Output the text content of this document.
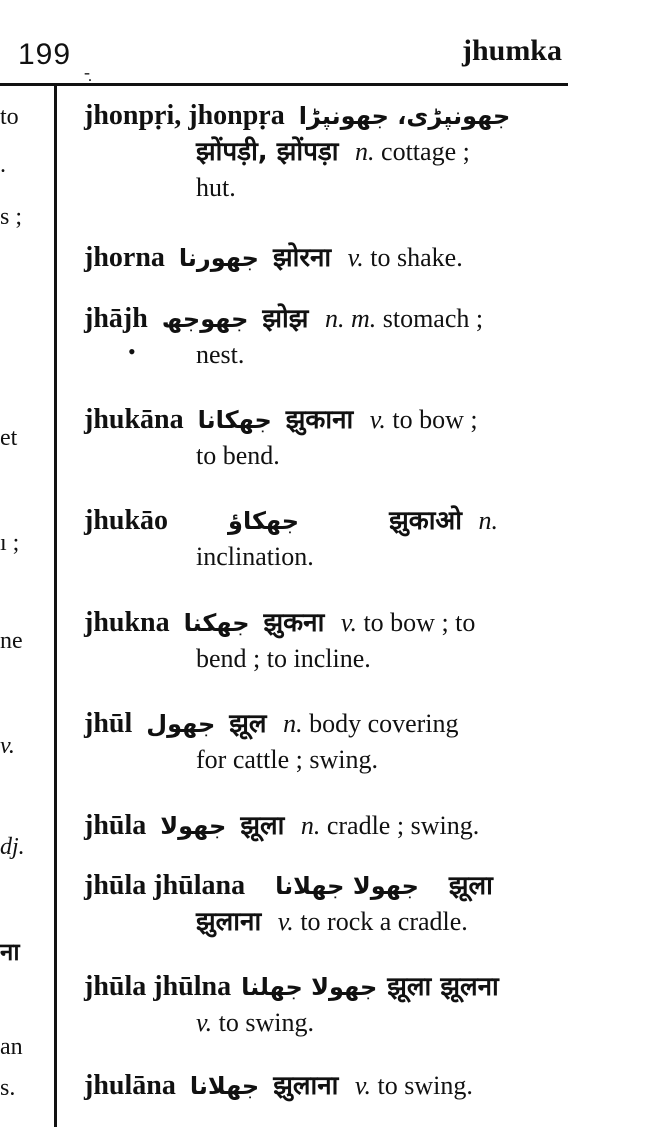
199
-̣
jhumka
to
.
s ;
et
ı ;
ne
v.
dj.
ना
an
s.
jhonpṛi, jhonpṛa جھونپڑی، جھونپڑا
झोंपड़ी, झोंपड़ा n. cottage ;
hut.
jhorna جھورنا झोरना v. to shake.
jhājh جھوجھ झोझ n. m. stomach ;
nest.
•
jhukāna جھکانا झुकाना v. to bow ;
to bend.
jhukāo	جھکاؤ	झुकाओ n.
inclination.
jhukna جھکنا झुकना v. to bow ; to
bend ; to incline.
jhūl جھول झूल n. body covering
for cattle ; swing.
jhūla جھولا झूला n. cradle ; swing.
jhūla jhūlana جھولا جھلانا झूला
झुलाना v. to rock a cradle.
jhūla jhūlna جھولا جھلنا झूला झूलना
v. to swing.
jhulāna جھلانا झुलाना v. to swing.
